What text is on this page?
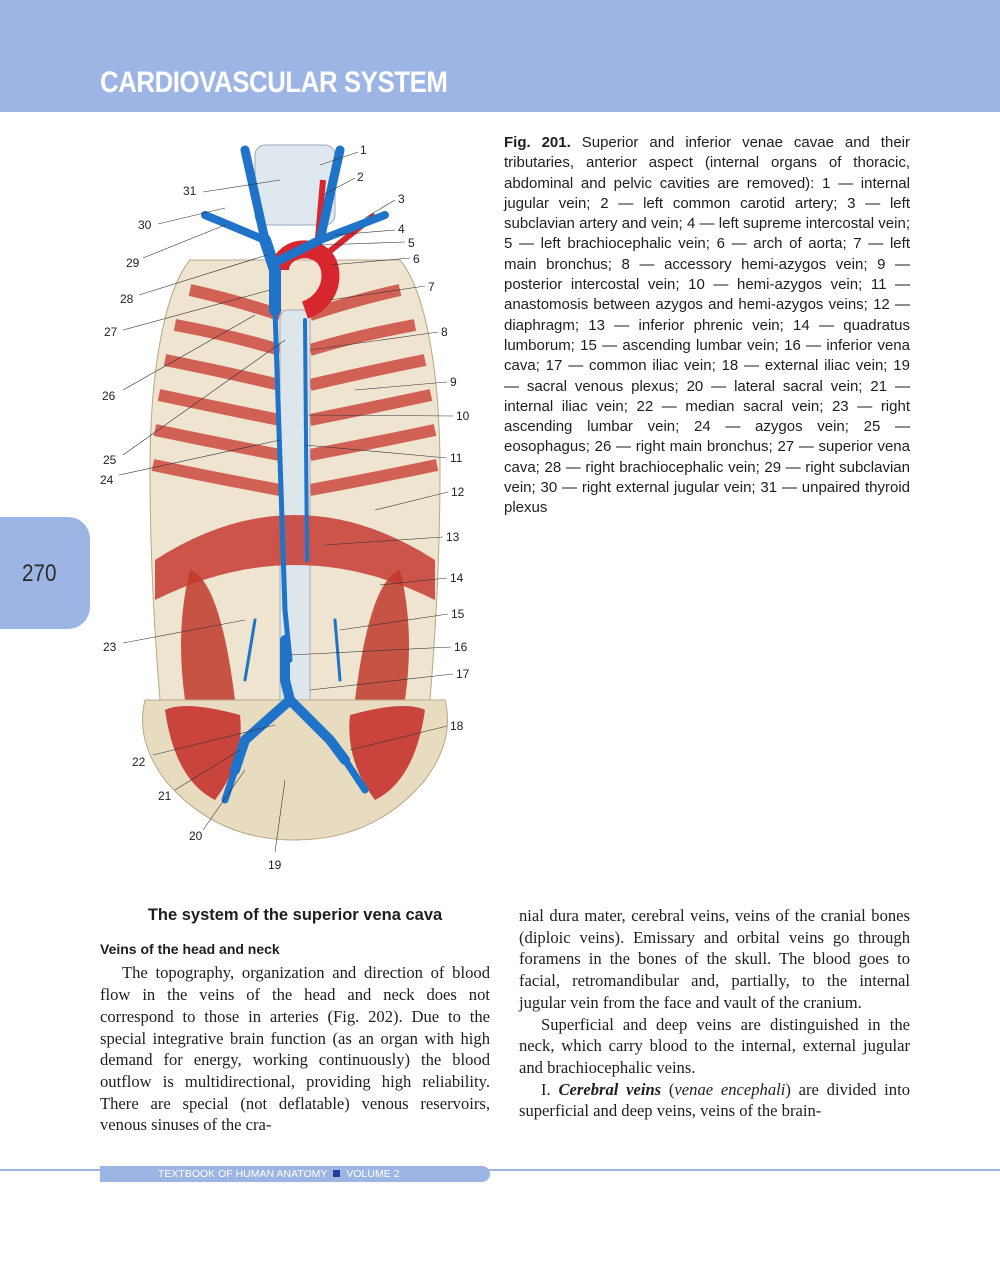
CARDIOVASCULAR SYSTEM
270
1
2
3
4
5
6
7
8
9
10
11
12
13
14
15
16
17
18
19
20
21
22
23
24
25
26
27
28
29
30
31

Fig. 201. Superior and inferior venae cavae and their tributaries, anterior aspect (internal organs of thoracic, abdominal and pelvic cavities are removed): 1 — internal jugular vein; 2 — left common carotid artery; 3 — left subclavian artery and vein; 4 — left supreme intercostal vein; 5 — left brachiocephalic vein; 6 — arch of aorta; 7 — left main bronchus; 8 — accessory hemi-azygos vein; 9 — posterior intercostal vein; 10 — hemi-azygos vein; 11 — anastomosis between azygos and hemi-azygos veins; 12 — diaphragm; 13 — inferior phrenic vein; 14 — quadratus lumborum; 15 — ascending lumbar vein; 16 — inferior vena cava; 17 — common iliac vein; 18 — external iliac vein; 19 — sacral venous plexus; 20 — lateral sacral vein; 21 — internal iliac vein; 22 — median sacral vein; 23 — right ascending lumbar vein; 24 — azygos vein; 25 — eosophagus; 26 — right main bronchus; 27 — superior vena cava; 28 — right brachiocephalic vein; 29 — right subclavian vein; 30 — right external jugular vein; 31 — unpaired thyroid plexus

The system of the superior vena cava
Veins of the head and neck

The topography, organization and direction of blood flow in the veins of the head and neck does not correspond to those in arteries (Fig. 202). Due to the special integrative brain function (as an organ with high demand for energy, working continuously) the blood outflow is multidirectional, providing high reliability. There are special (not deflatable) venous reservoirs, venous sinuses of the cra-

nial dura mater, cerebral veins, veins of the cranial bones (diploic veins). Emissary and orbital veins go through foramens in the bones of the skull. The blood goes to facial, retromandibular and, partially, to the internal jugular vein from the face and vault of the cranium.

Superficial and deep veins are distinguished in the neck, which carry blood to the internal, external jugular and brachiocephalic veins.

I. Cerebral veins (venae encephali) are divided into superficial and deep veins, veins of the brain-

TEXTBOOK OF HUMAN ANATOMY VOLUME 2
